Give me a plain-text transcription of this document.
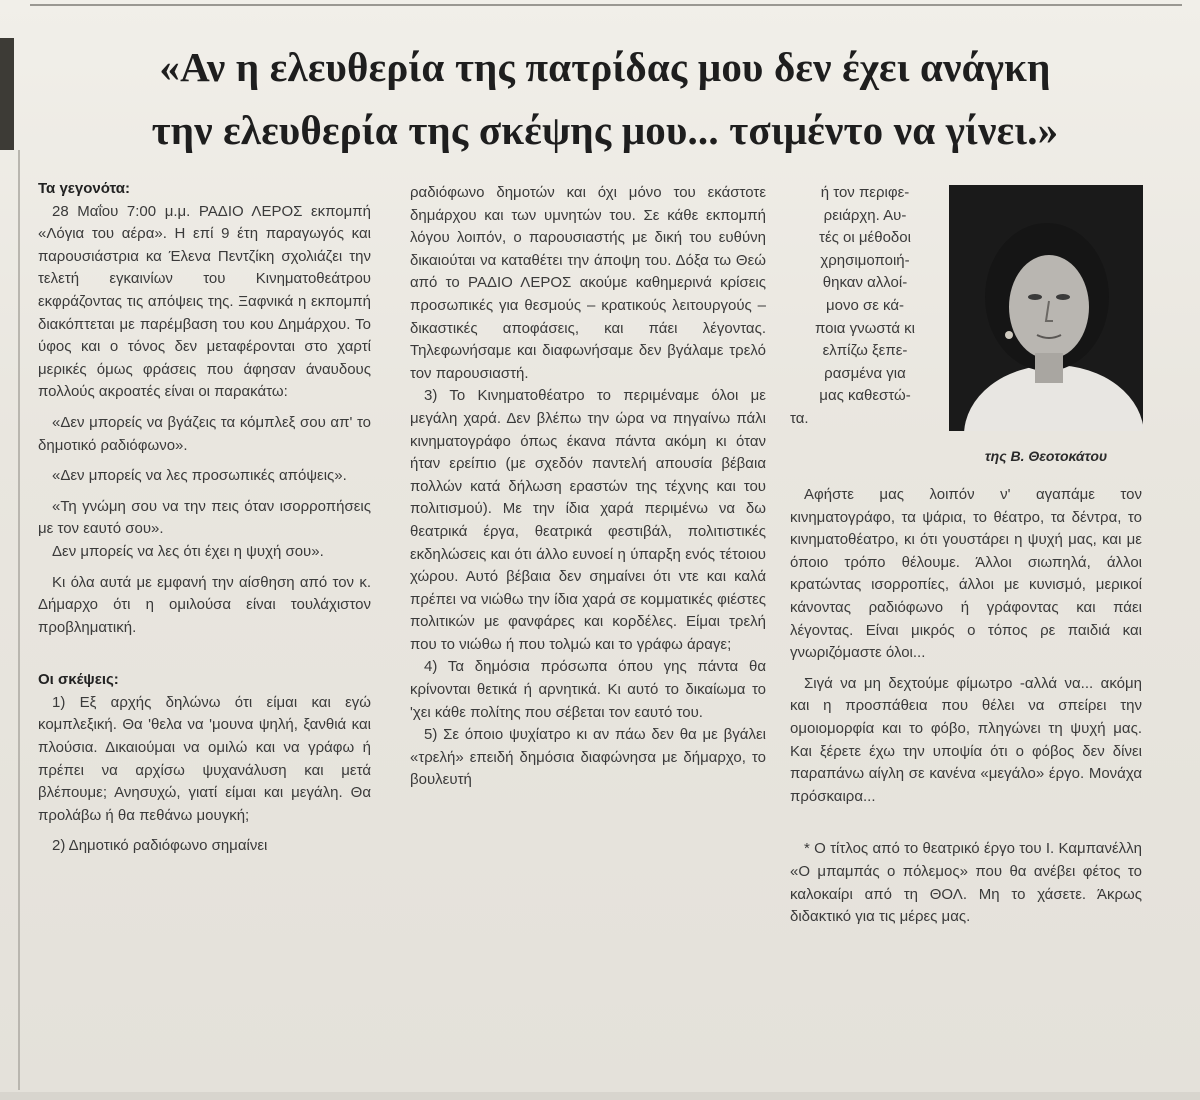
«Αν η ελευθερία της πατρίδας μου δεν έχει ανάγκη
την ελευθερία της σκέψης μου... τσιμέντο να γίνει.»

Τα γεγονότα:

28 Μαΐου 7:00 μ.μ. ΡΑΔΙΟ ΛΕΡΟΣ εκπομπή «Λόγια του αέρα». Η επί 9 έτη παραγωγός και παρουσιάστρια κα Έλενα Πεντζίκη σχολιάζει την τελετή εγκαινίων του Κινηματοθεάτρου εκφράζοντας τις απόψεις της. Ξαφνικά η εκπομπή διακόπτεται με παρέμβαση του κου Δημάρχου. Το ύφος και ο τόνος δεν μεταφέρονται στο χαρτί μερικές όμως φράσεις που άφησαν άναυδους πολλούς ακροατές είναι οι παρακάτω:

«Δεν μπορείς να βγάζεις τα κόμπλεξ σου απ' το δημοτικό ραδιόφωνο».

«Δεν μπορείς να λες προσωπικές απόψεις».

«Τη γνώμη σου να την πεις όταν ισορροπήσεις με τον εαυτό σου».

Δεν μπορείς να λες ότι έχει η ψυχή σου».

Κι όλα αυτά με εμφανή την αίσθηση από τον κ. Δήμαρχο ότι η ομιλούσα είναι τουλάχιστον προβληματική.

Οι σκέψεις:

1) Εξ αρχής δηλώνω ότι είμαι και εγώ κομπλεξική. Θα 'θελα να 'μουνα ψηλή, ξανθιά και πλούσια. Δικαιούμαι να ομιλώ και να γράφω ή πρέπει να αρχίσω ψυχανάλυση και μετά βλέπουμε; Ανησυχώ, γιατί είμαι και μεγάλη. Θα προλάβω ή θα πεθάνω μουγκή;

2) Δημοτικό ραδιόφωνο σημαίνει

ραδιόφωνο δημοτών και όχι μόνο του εκάστοτε δημάρχου και των υμνητών του. Σε κάθε εκπομπή λόγου λοιπόν, ο παρουσιαστής με δική του ευθύνη δικαιούται να καταθέτει την άποψη του. Δόξα τω Θεώ από το ΡΑΔΙΟ ΛΕΡΟΣ ακούμε καθημερινά κρίσεις προσωπικές για θεσμούς – κρατικούς λειτουργούς – δικαστικές αποφάσεις, και πάει λέγοντας. Τηλεφωνήσαμε και διαφωνήσαμε δεν βγάλαμε τρελό τον παρουσιαστή.

3) Το Κινηματοθέατρο το περιμέναμε όλοι με μεγάλη χαρά. Δεν βλέπω την ώρα να πηγαίνω πάλι κινηματογράφο όπως έκανα πάντα ακόμη κι όταν ήταν ερείπιο (με σχεδόν παντελή απουσία βέβαια πολλών κατά δήλωση εραστών της τέχνης και του πολιτισμού). Με την ίδια χαρά περιμένω να δω θεατρικά έργα, θεατρικά φεστιβάλ, πολιτιστικές εκδηλώσεις και ότι άλλο ευνοεί η ύπαρξη ενός τέτοιου χώρου. Αυτό βέβαια δεν σημαίνει ότι ντε και καλά πρέπει να νιώθω την ίδια χαρά σε κομματικές φιέστες πολιτικών με φανφάρες και κορδέλες. Είμαι τρελή που το νιώθω ή που τολμώ και το γράφω άραγε;

4) Τα δημόσια πρόσωπα όπου γης πάντα θα κρίνονται θετικά ή αρνητικά. Κι αυτό το δικαίωμα το 'χει κάθε πολίτης που σέβεται τον εαυτό του.

5) Σε όποιο ψυχίατρο κι αν πάω δεν θα με βγάλει «τρελή» επειδή δημόσια διαφώνησα με δήμαρχο, το βουλευτή

ή τον περιφε-

ρειάρχη. Αυ-

τές οι μέθοδοι

χρησιμοποιή-

θηκαν αλλοί-

μονο σε κά-

ποια γνωστά κι

ελπίζω ξεπε-

ρασμένα για

μας καθεστώ-

τα.

της Β. Θεοτοκάτου

Αφήστε μας λοιπόν ν' αγαπάμε τον κινηματογράφο, τα ψάρια, το θέατρο, τα δέντρα, το κινηματοθέατρο, κι ότι γουστάρει η ψυχή μας, και με όποιο τρόπο θέλουμε. Άλλοι σιωπηλά, άλλοι κρατώντας ισορροπίες, άλλοι με κυνισμό, μερικοί κάνοντας ραδιόφωνο ή γράφοντας και πάει λέγοντας. Είναι μικρός ο τόπος ρε παιδιά και γνωριζόμαστε όλοι...

Σιγά να μη δεχτούμε φίμωτρο -αλλά να... ακόμη και η προσπάθεια που θέλει να σπείρει την ομοιομορφία και το φόβο, πληγώνει τη ψυχή μας. Και ξέρετε έχω την υποψία ότι ο φόβος δεν δίνει παραπάνω αίγλη σε κανένα «μεγάλο» έργο. Μονάχα πρόσκαιρα...

* Ο τίτλος από το θεατρικό έργο του Ι. Καμπανέλλη «Ο μπαμπάς ο πόλεμος» που θα ανέβει φέτος το καλοκαίρι από τη ΘΟΛ. Μη το χάσετε. Άκρως διδακτικό για τις μέρες μας.
